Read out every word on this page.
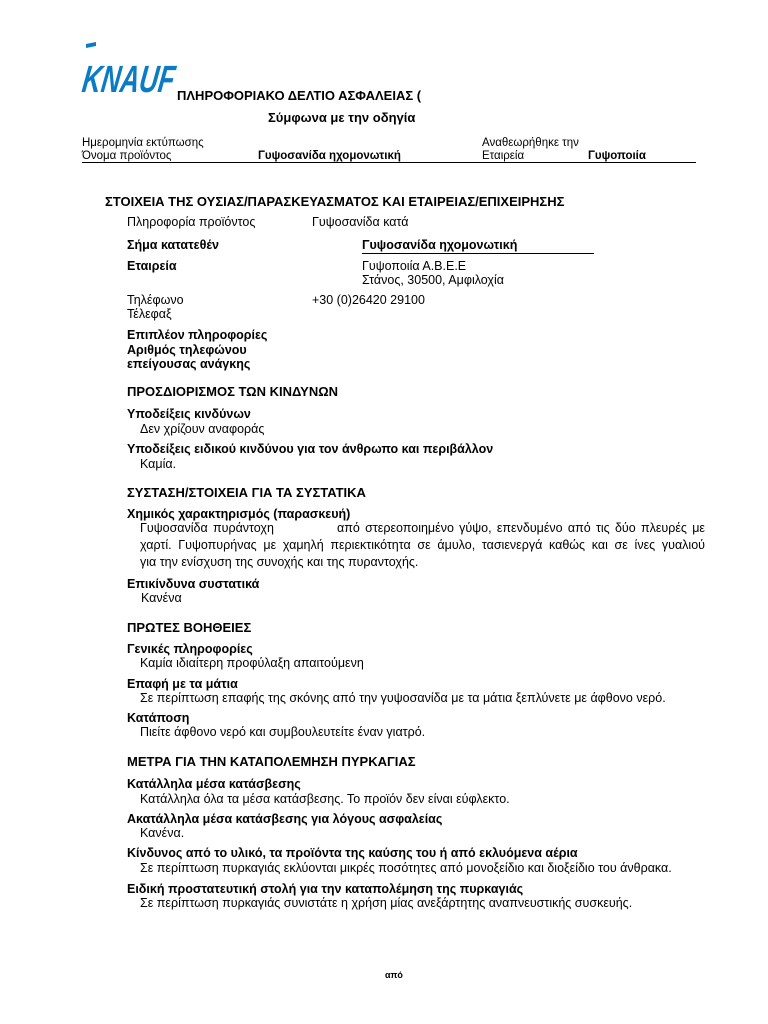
KNAUF
ΠΛΗΡΟΦΟΡΙΑΚΟ ΔΕΛΤΙΟ ΑΣΦΑΛΕΙΑΣ (
Σύμφωνα με την οδηγία
Ημερομηνία εκτύπωσης	Αναθεωρήθηκε την
Όνομα προϊόντος	Γυψοσανίδα ηχομονωτική	Εταιρεία	Γυψοποιία
ΣΤΟΙΧΕΙΑ ΤΗΣ ΟΥΣΙΑΣ/ΠΑΡΑΣΚΕΥΑΣΜΑΤΟΣ ΚΑΙ ΕΤΑΙΡΕΙΑΣ/ΕΠΙΧΕΙΡΗΣΗΣ
Πληροφορία προϊόντος	Γυψοσανίδα κατά
Σήμα κατατεθέν	Γυψοσανίδα ηχομονωτική
Εταιρεία	Γυψοποιία Α.Β.Ε.Ε
Στάνος, 30500, Αμφιλοχία
Τηλέφωνο	+30 (0)26420 29100
Τέλεφαξ
Επιπλέον πληροφορίες
Αριθμός τηλεφώνου
επείγουσας ανάγκης
ΠΡΟΣΔΙΟΡΙΣΜΟΣ ΤΩΝ ΚΙΝΔΥΝΩΝ
Υποδείξεις κινδύνων
Δεν χρίζουν αναφοράς
Υποδείξεις ειδικού κινδύνου για τον άνθρωπο και περιβάλλον
Καμία.
ΣΥΣΤΑΣΗ/ΣΤΟΙΧΕΙΑ ΓΙΑ ΤΑ ΣΥΣΤΑΤΙΚΑ
Χημικός χαρακτηρισμός (παρασκευή)
Γυψοσανίδα πυράντοχη            από στερεοποιημένο γύψο, επενδυμένο από τις δύο πλευρές με
χαρτί. Γυψοπυρήνας με χαμηλή περιεκτικότητα σε άμυλο, τασιενεργά καθώς και σε ίνες γυαλιού
για την ενίσχυση της συνοχής και της πυραντοχής.
Επικίνδυνα συστατικά
Κανένα
ΠΡΩΤΕΣ ΒΟΗΘΕΙΕΣ
Γενικές πληροφορίες
Καμία ιδιαίτερη προφύλαξη απαιτούμενη
Επαφή με τα μάτια
Σε περίπτωση επαφής της σκόνης από την γυψοσανίδα με τα μάτια ξεπλύνετε με άφθονο νερό.
Κατάποση
Πιείτε άφθονο νερό και συμβουλευτείτε έναν γιατρό.
ΜΕΤΡΑ ΓΙΑ ΤΗΝ ΚΑΤΑΠΟΛΕΜΗΣΗ ΠΥΡΚΑΓΙΑΣ
Κατάλληλα μέσα κατάσβεσης
Κατάλληλα όλα τα μέσα κατάσβεσης. Το προϊόν δεν είναι εύφλεκτο.
Ακατάλληλα μέσα κατάσβεσης για λόγους ασφαλείας
Κανένα.
Κίνδυνος από το υλικό, τα προϊόντα της καύσης του ή από εκλυόμενα αέρια
Σε περίπτωση πυρκαγιάς εκλύονται μικρές ποσότητες από μονοξείδιο και διοξείδιο του άνθρακα.
Ειδική προστατευτική στολή για την καταπολέμηση της πυρκαγιάς
Σε περίπτωση πυρκαγιάς συνιστάτε η χρήση μίας ανεξάρτητης αναπνευστικής συσκευής.
από
